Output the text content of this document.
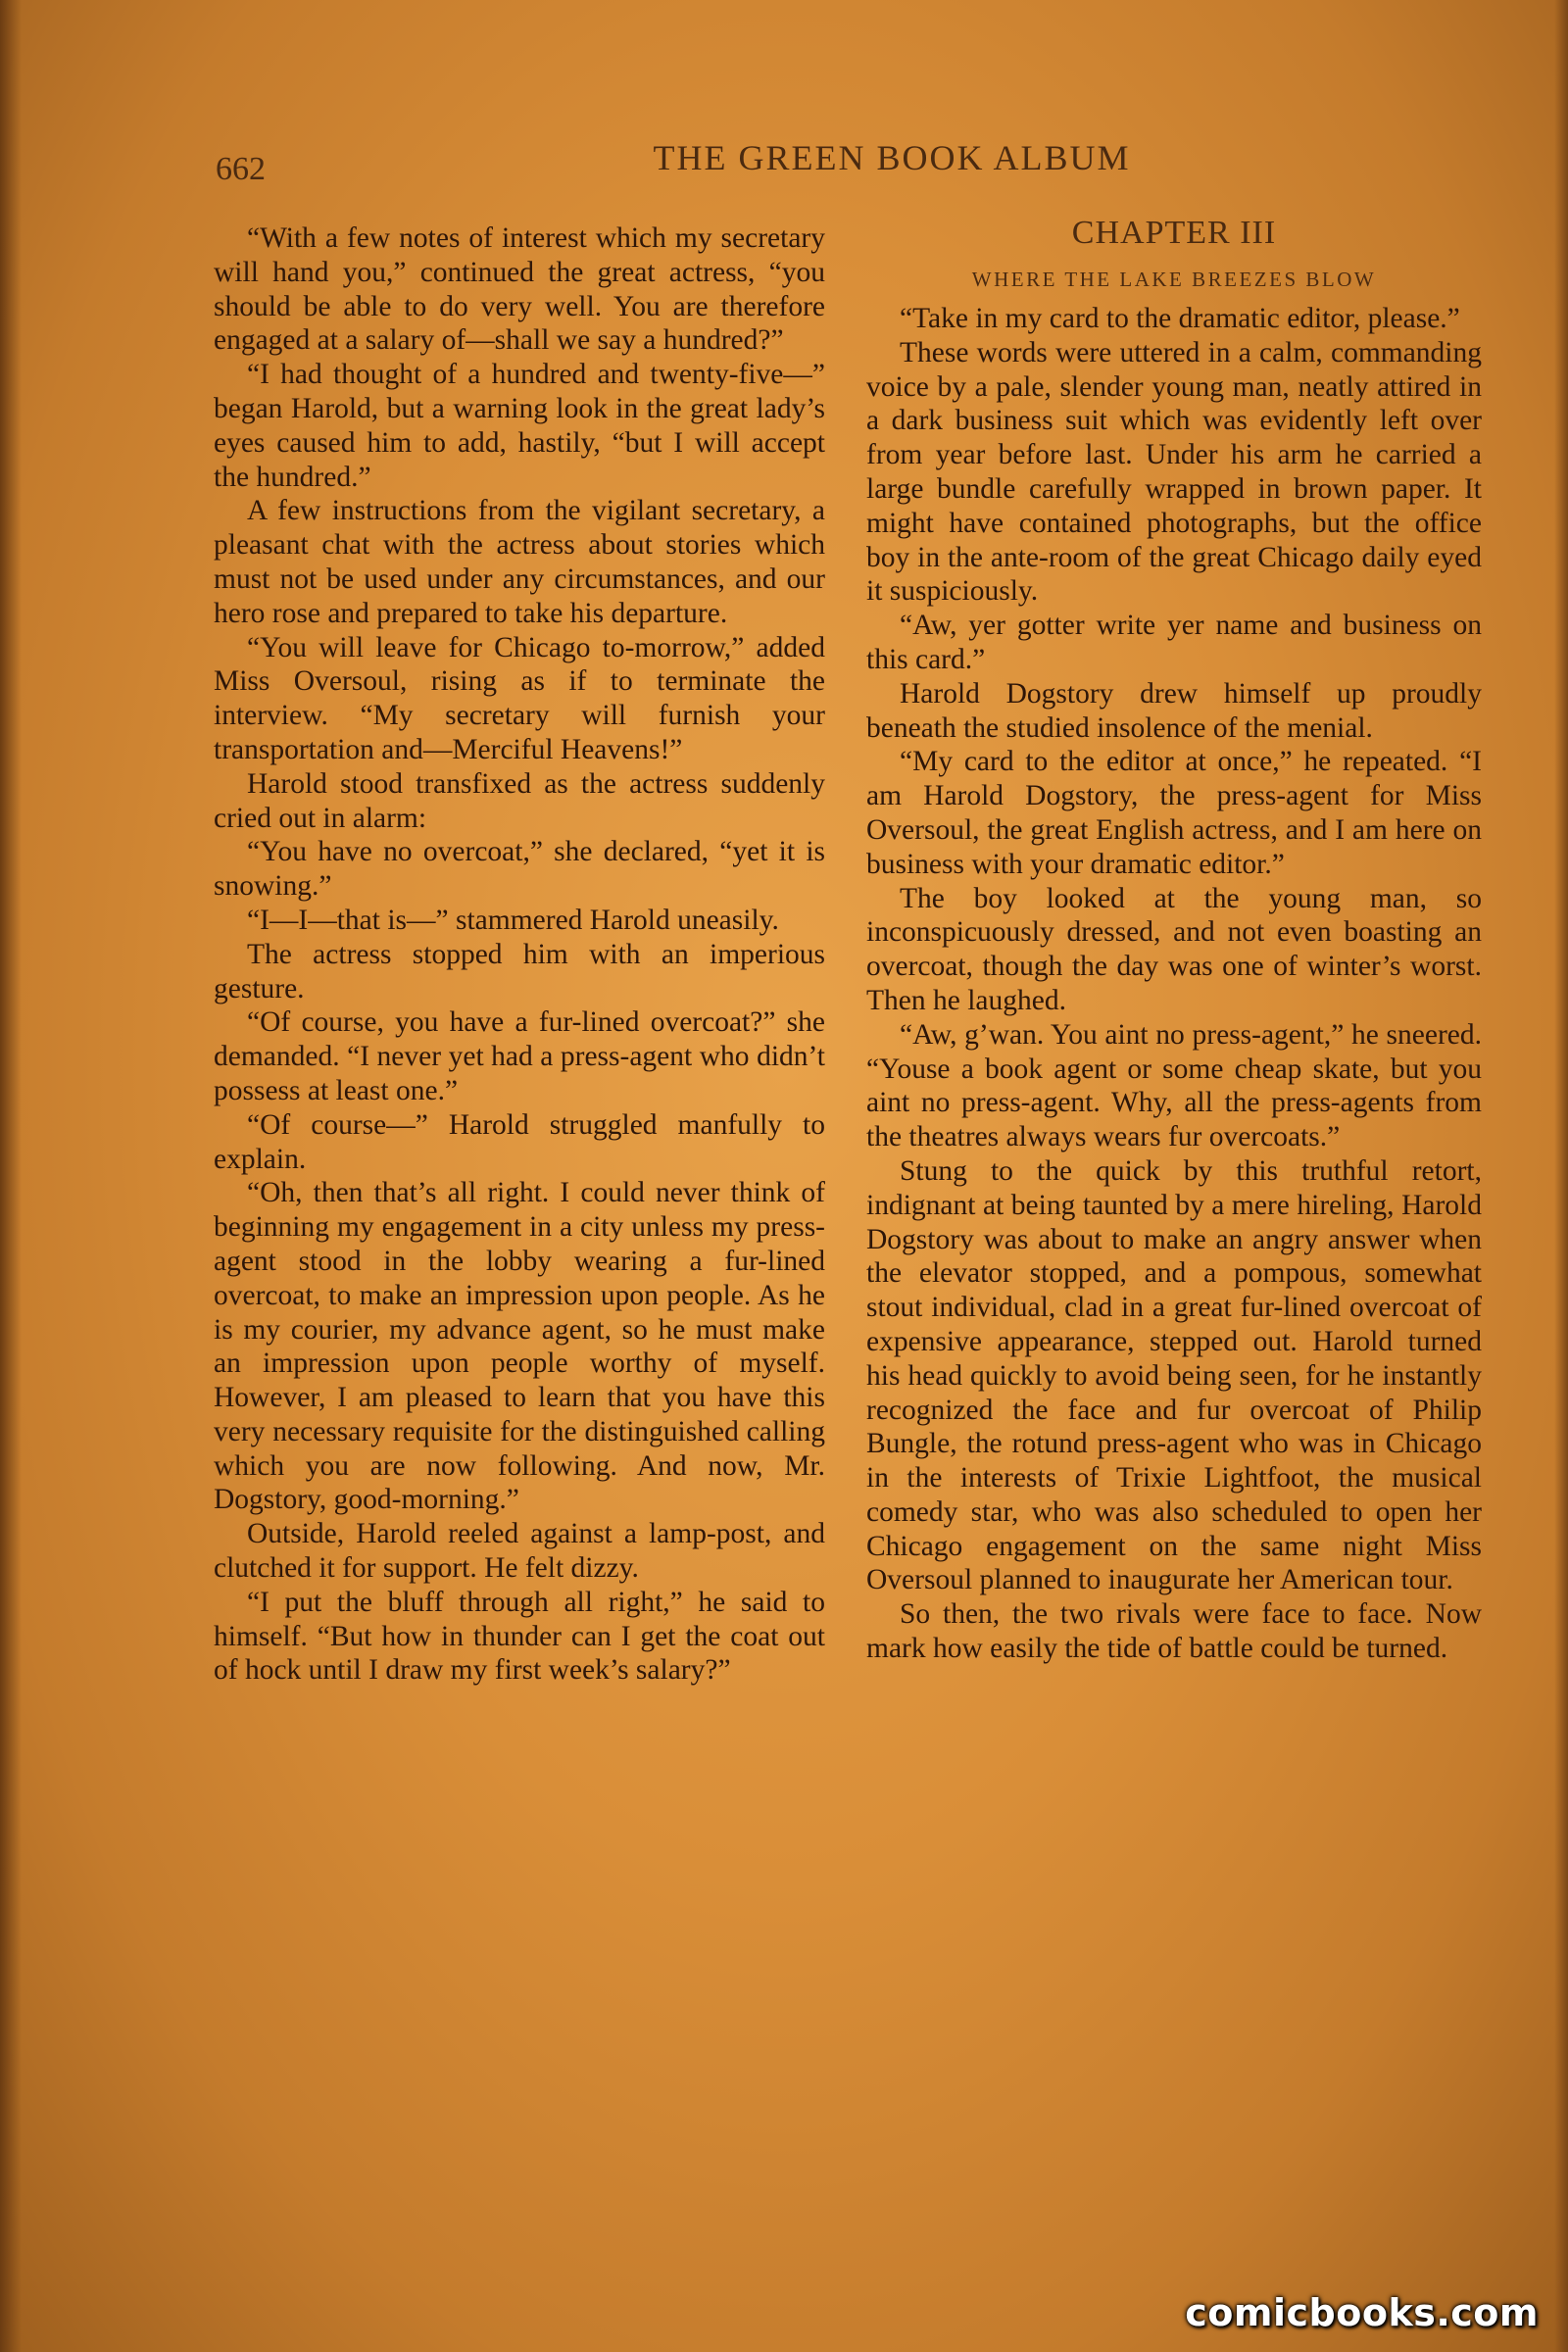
662	THE GREEN BOOK ALBUM

“With a few notes of interest which my secretary will hand you,” continued the great actress, “you should be able to do very well. You are therefore engaged at a salary of—shall we say a hundred?”

“I had thought of a hundred and twenty-five—” began Harold, but a warning look in the great lady’s eyes caused him to add, hastily, “but I will accept the hundred.”

A few instructions from the vigilant secretary, a pleasant chat with the actress about stories which must not be used under any circumstances, and our hero rose and prepared to take his departure.

“You will leave for Chicago to-morrow,” added Miss Oversoul, rising as if to terminate the interview. “My secretary will furnish your transportation and—Merciful Heavens!”

Harold stood transfixed as the actress suddenly cried out in alarm:

“You have no overcoat,” she declared, “yet it is snowing.”

“I—I—that is—” stammered Harold uneasily.

The actress stopped him with an imperious gesture.

“Of course, you have a fur-lined overcoat?” she demanded. “I never yet had a press-agent who didn’t possess at least one.”

“Of course—” Harold struggled manfully to explain.

“Oh, then that’s all right. I could never think of beginning my engagement in a city unless my press-agent stood in the lobby wearing a fur-lined overcoat, to make an impression upon people. As he is my courier, my advance agent, so he must make an impression upon people worthy of myself. However, I am pleased to learn that you have this very necessary requisite for the distinguished calling which you are now following. And now, Mr. Dogstory, good-morning.”

Outside, Harold reeled against a lamp-post, and clutched it for support. He felt dizzy.

“I put the bluff through all right,” he said to himself. “But how in thunder can I get the coat out of hock until I draw my first week’s salary?”

CHAPTER III
WHERE THE LAKE BREEZES BLOW

“Take in my card to the dramatic editor, please.”

These words were uttered in a calm, commanding voice by a pale, slender young man, neatly attired in a dark business suit which was evidently left over from year before last. Under his arm he carried a large bundle carefully wrapped in brown paper. It might have contained photographs, but the office boy in the ante-room of the great Chicago daily eyed it suspiciously.

“Aw, yer gotter write yer name and business on this card.”

Harold Dogstory drew himself up proudly beneath the studied insolence of the menial.

“My card to the editor at once,” he repeated. “I am Harold Dogstory, the press-agent for Miss Oversoul, the great English actress, and I am here on business with your dramatic editor.”

The boy looked at the young man, so inconspicuously dressed, and not even boasting an overcoat, though the day was one of winter’s worst. Then he laughed.

“Aw, g’wan. You aint no press-agent,” he sneered. “Youse a book agent or some cheap skate, but you aint no press-agent. Why, all the press-agents from the theatres always wears fur overcoats.”

Stung to the quick by this truthful retort, indignant at being taunted by a mere hireling, Harold Dogstory was about to make an angry answer when the elevator stopped, and a pompous, somewhat stout individual, clad in a great fur-lined overcoat of expensive appearance, stepped out. Harold turned his head quickly to avoid being seen, for he instantly recognized the face and fur overcoat of Philip Bungle, the rotund press-agent who was in Chicago in the interests of Trixie Lightfoot, the musical comedy star, who was also scheduled to open her Chicago engagement on the same night Miss Oversoul planned to inaugurate her American tour.

So then, the two rivals were face to face. Now mark how easily the tide of battle could be turned.

comicbooks.com
